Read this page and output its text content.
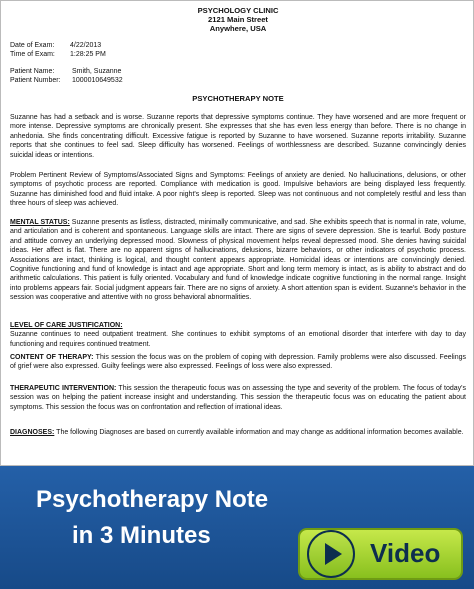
PSYCHOLOGY CLINIC
2121 Main Street
Anywhere, USA
Date of Exam: 4/22/2013
Time of Exam: 1:28:25 PM
Patient Name:	Smith, Suzanne
Patient Number: 1000010649532
PSYCHOTHERAPY NOTE
Suzanne has had a setback and is worse. Suzanne reports that depressive symptoms continue. They have worsened and are more frequent or more intense. Depressive symptoms are chronically present. She expresses that she has even less energy than before. There is no change in anhedonia. She finds concentrating difficult. Excessive fatigue is reported by Suzanne to have worsened. Suzanne reports irritability. Suzanne reports that she continues to feel sad. Sleep difficulty has worsened. Feelings of worthlessness are described. Suzanne convincingly denies suicidal ideas or intentions.
Problem Pertinent Review of Symptoms/Associated Signs and Symptoms: Feelings of anxiety are denied. No hallucinations, delusions, or other symptoms of psychotic process are reported. Compliance with medication is good. Impulsive behaviors are being displayed less frequently. Suzanne has diminished food and fluid intake. A poor night's sleep is reported. Sleep was not continuous and not completely restful and less than three hours of sleep was achieved.
MENTAL STATUS: Suzanne presents as listless, distracted, minimally communicative, and sad. She exhibits speech that is normal in rate, volume, and articulation and is coherent and spontaneous. Language skills are intact. There are signs of severe depression. She is tearful. Body posture and attitude convey an underlying depressed mood. Slowness of physical movement helps reveal depressed mood. She denies having suicidal ideas. Her affect is flat. There are no apparent signs of hallucinations, delusions, bizarre behaviors, or other indicators of psychotic process. Associations are intact, thinking is logical, and thought content appears appropriate. Homicidal ideas or intentions are convincingly denied. Cognitive functioning and fund of knowledge is intact and age appropriate. Short and long term memory is intact, as is ability to abstract and do arithmetic calculations. This patient is fully oriented. Vocabulary and fund of knowledge indicate cognitive functioning in the normal range. Insight into problems appears fair. Social judgment appears fair. There are no signs of anxiety. A short attention span is evident. Suzanne's behavior in the session was cooperative and attentive with no gross behavioral abnormalities.
LEVEL OF CARE JUSTIFICATION:
Suzanne continues to need outpatient treatment. She continues to exhibit symptoms of an emotional disorder that interfere with day to day functioning and requires continued treatment.
CONTENT OF THERAPY: This session the focus was on the problem of coping with depression. Family problems were also discussed. Feelings of grief were also expressed. Guilty feelings were also expressed. Feelings of loss were also expressed.
THERAPEUTIC INTERVENTION: This session the therapeutic focus was on assessing the type and severity of the problem. The focus of today's session was on helping the patient increase insight and understanding. This session the therapeutic focus was on educating the patient about symptoms. This session the focus was on confrontation and reflection of irrational ideas.
DIAGNOSES: The following Diagnoses are based on currently available information and may change as additional information becomes available.
Psychotherapy Note
in 3 Minutes
Video
